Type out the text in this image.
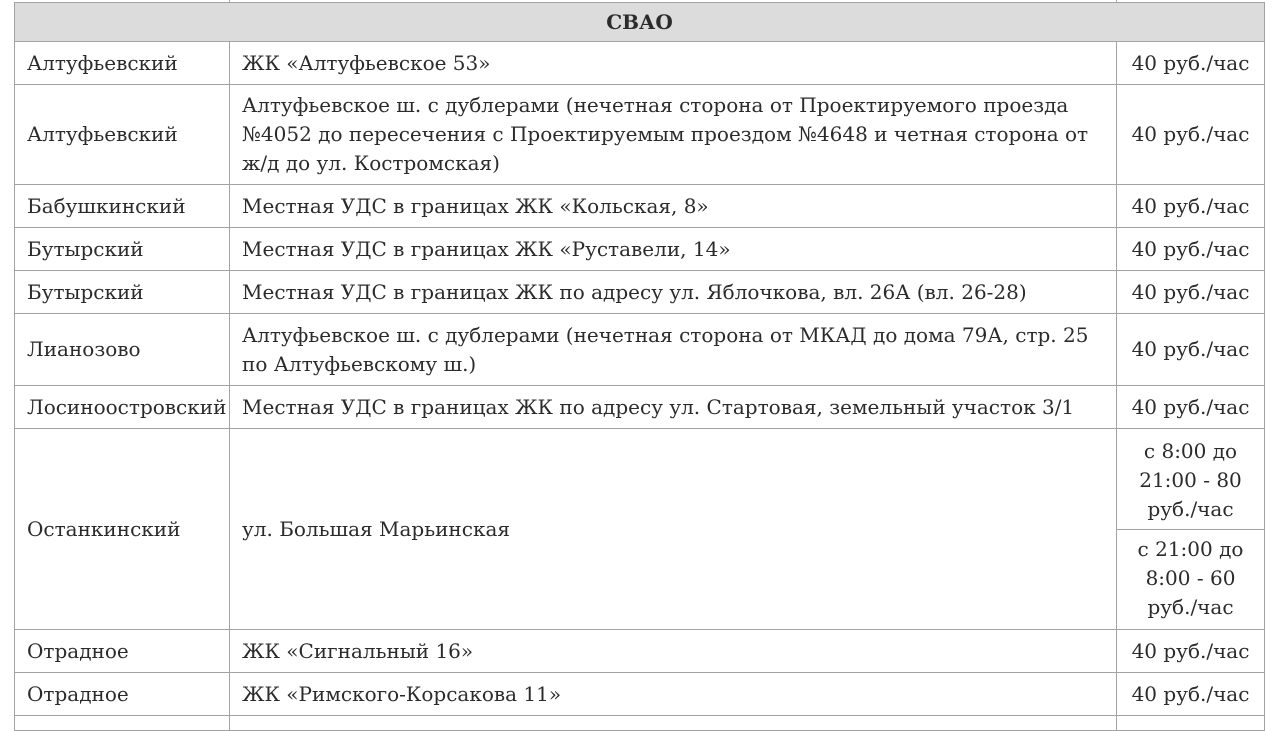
СВАО		
Алтуфьевский	ЖК «Алтуфьевское 53»	40 руб./час
Алтуфьевский	Алтуфьевское ш. с дублерами (нечетная сторона от Проектируемого проезда №4052 до пересечения с Проектируемым проездом №4648 и четная сторона от ж/д до ул. Костромская)	40 руб./час
Бабушкинский	Местная УДС в границах ЖК «Кольская, 8»	40 руб./час
Бутырский	Местная УДС в границах ЖК «Руставели, 14»	40 руб./час
Бутырский	Местная УДС в границах ЖК по адресу ул. Яблочкова, вл. 26А (вл. 26-28)	40 руб./час
Лианозово	Алтуфьевское ш. с дублерами (нечетная сторона от МКАД до дома 79А, стр. 25 по Алтуфьевскому ш.)	40 руб./час
Лосиноостровский	Местная УДС в границах ЖК по адресу ул. Стартовая, земельный участок 3/1	40 руб./час
Останкинский	ул. Большая Марьинская	с 8:00 до 21:00 - 80 руб./час
с 21:00 до 8:00 - 60 руб./час

Отрадное	ЖК «Сигнальный 16»	40 руб./час
Отрадное	ЖК «Римского-Корсакова 11»	40 руб./час
